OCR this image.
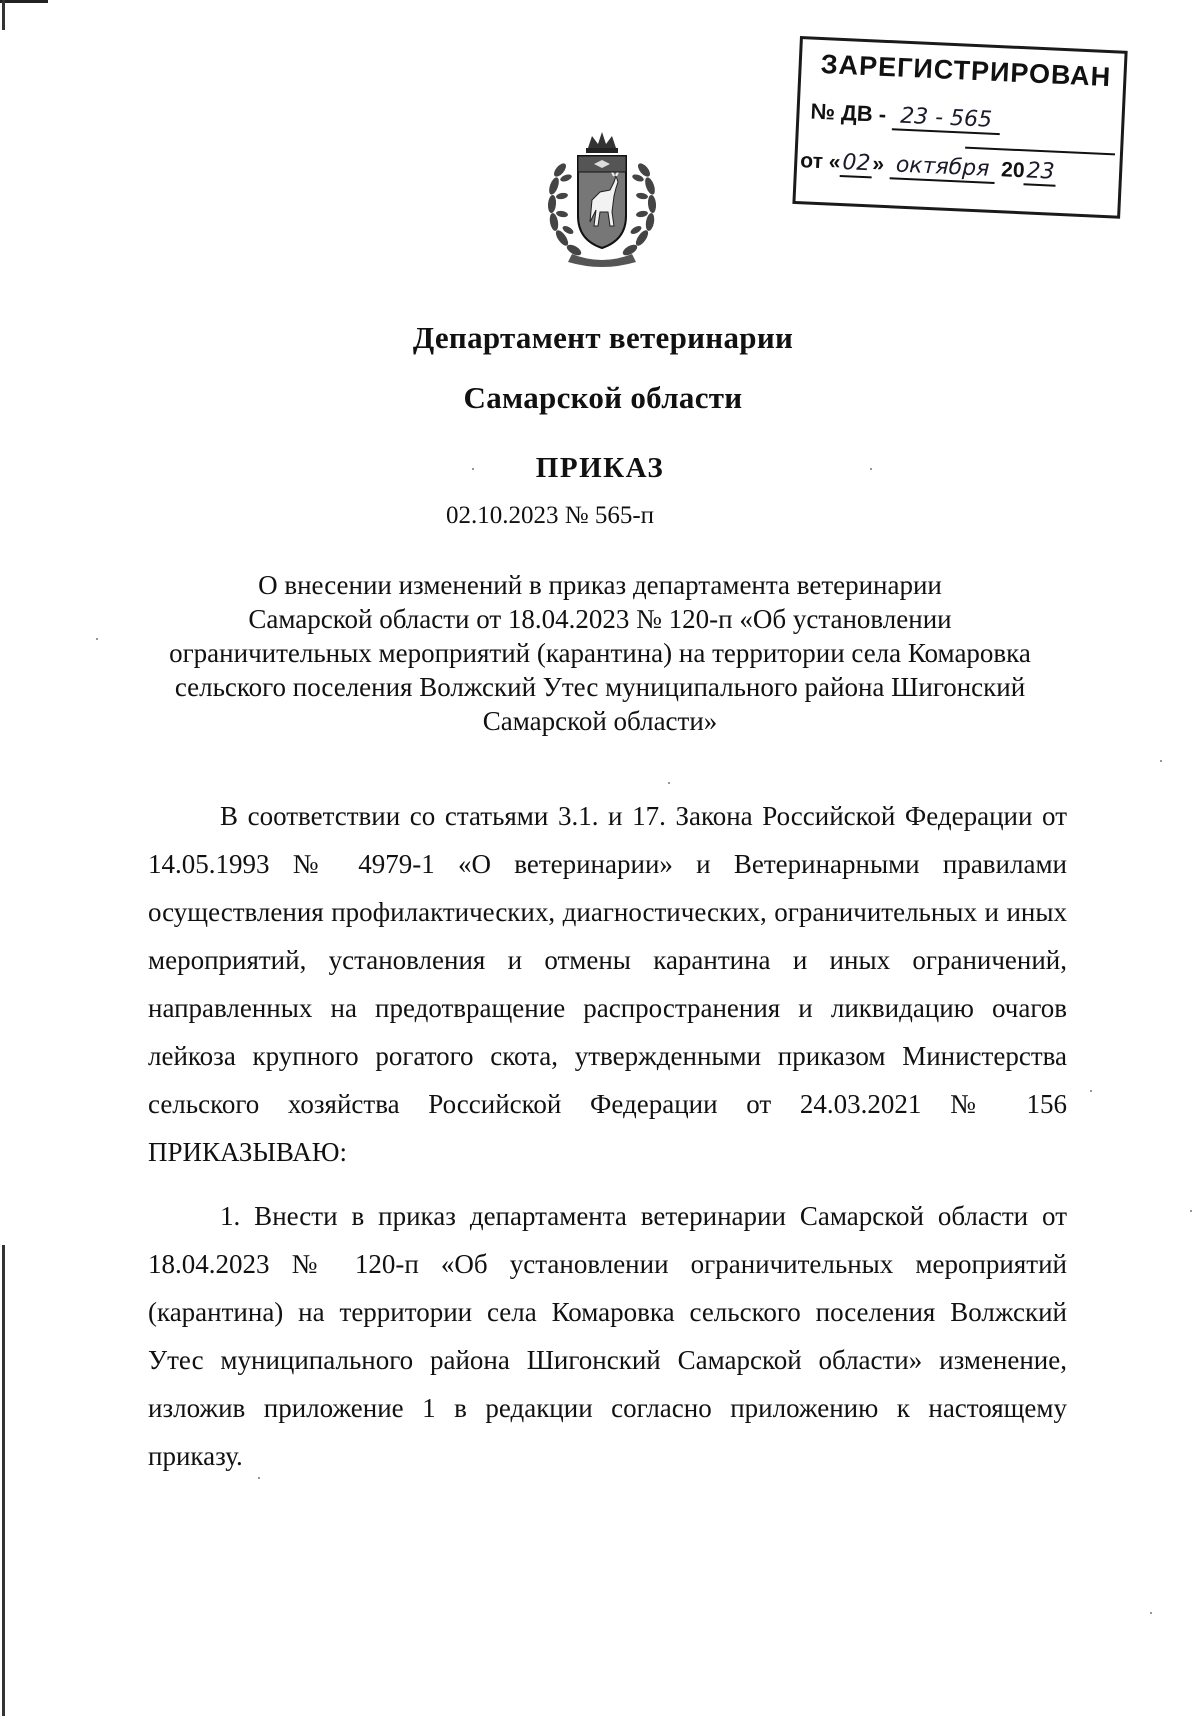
ЗАРЕГИСТРИРОВАН
№ ДВ - 23 - 565
от «02» октября 2023
Департамент ветеринарии
Самарской области
ПРИКАЗ
02.10.2023 № 565-п
О внесении изменений в приказ департамента ветеринарии
Самарской области от 18.04.2023 № 120-п «Об установлении
ограничительных мероприятий (карантина) на территории села Комаровка
сельского поселения Волжский Утес муниципального района Шигонский
Самарской области»

В соответствии со статьями 3.1. и 17. Закона Российской Федерации от 14.05.1993 № 4979-1 «О ветеринарии» и Ветеринарными правилами осуществления профилактических, диагностических, ограничительных и иных мероприятий, установления и отмены карантина и иных ограничений, направленных на предотвращение распространения и ликвидацию очагов лейкоза крупного рогатого скота, утвержденными приказом Министерства сельского хозяйства Российской Федерации от 24.03.2021 № 156 ПРИКАЗЫВАЮ:

1. Внести в приказ департамента ветеринарии Самарской области от 18.04.2023 № 120-п «Об установлении ограничительных мероприятий (карантина) на территории села Комаровка сельского поселения Волжский Утес муниципального района Шигонский Самарской области» изменение, изложив приложение 1 в редакции согласно приложению к настоящему приказу.
